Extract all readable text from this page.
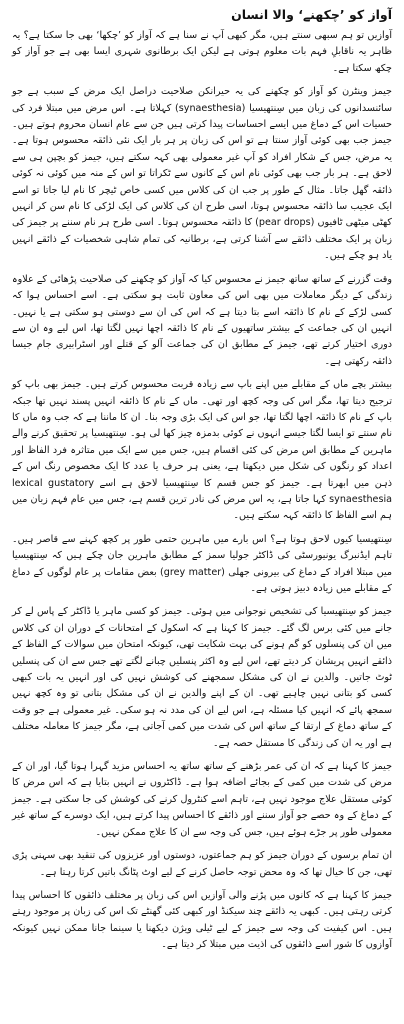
آواز کو ’چکھنے‘ والا انسان

آوازیں تو ہم سبھی سنتے ہیں، مگر کبھی آپ نے سنا ہے کہ آواز کو ’چکھا‘ بھی جا سکتا ہے؟ یہ ظاہر یہ ناقابلِ فہم بات معلوم ہوتی ہے لیکن ایک برطانوی شہری ایسا بھی ہے جو آواز کو چکھ سکتا ہے۔

جیمز وینٹرن کو آواز کو چکھنے کی یہ حیرانکن صلاحیت دراصل ایک مرض کے سبب ہے جو سائنسدانوں کی زبان میں سِنتھیسیا (synaesthesia) کہلاتا ہے۔ اس مرض میں مبتلا فرد کی حسیات اس کے دماغ میں ایسے احساسات پیدا کرتی ہیں جن سے عام انسان محروم ہوتے ہیں۔ جیمز جب بھی کوئی آواز سنتا ہے تو اس کی زبان پر ہر بار ایک نئی ذائقہ محسوس ہوتا ہے۔ یہ مرض، جس کے شکار افراد کو آپ غیر معمولی بھی کہہ سکتے ہیں، جیمز کو بچپن ہی سے لاحق ہے۔ ہر بار جب بھی کوئی نام اس کے کانوں سے ٹکراتا تو اس کے منہ میں کوئی نہ کوئی ذائقہ گھل جاتا۔ مثال کے طور پر جب ان کی کلاس میں کسی خاص ٹیچر کا نام لیا جاتا تو اسے ایک عجیب سا ذائقہ محسوس ہوتا، اسی طرح ان کی کلاس کی ایک لڑکی کا نام سن کر انہیں کھٹی میٹھی ٹافیوں (pear drops) کا ذائقہ محسوس ہوتا۔ اسی طرح ہر نام سننے پر جیمز کی زبان پر ایک مختلف ذائقے سے آشنا کرتی ہے، برطانیہ کی تمام شاہی شخصیات کے ذائقے انہیں یاد ہو چکے ہیں۔

وقت گزرنے کے ساتھ ساتھ جیمز نے محسوس کیا کہ آواز کو چکھنے کی صلاحیت پڑھائی کے علاوہ زندگی کے دیگر معاملات میں بھی اس کی معاون ثابت ہو سکتی ہے۔ اسے احساس ہوا کہ کسی لڑکے کے نام کا ذائقہ اسے بتا دیتا ہے کہ اس کی ان سے دوستی ہو سکتی ہے یا نہیں۔ انہیں ان کی جماعت کے بیشتر ساتھیوں کے نام کا ذائقہ اچھا نہیں لگتا تھا، اس لیے وہ ان سے دوری اختیار کرتے تھے، جیمز کے مطابق ان کی جماعت آلو کے قتلے اور اسٹرابیری جام جیسا ذائقہ رکھتی ہے۔

بیشتر بچے ماں کے مقابلے میں اپنے باپ سے زیادہ قربت محسوس کرتے ہیں۔ جیمز بھی باپ کو ترجیح دیتا تھا، مگر اس کی وجہ کچھ اور تھی۔ ماں کے نام کا ذائقہ انہیں پسند نہیں تھا جبکہ باپ کے نام کا ذائقہ اچھا لگتا تھا، جو اس کی ایک بڑی وجہ بنا۔ ان کا ماننا ہے کہ جب وہ ماں کا نام سنتے تو ایسا لگتا جیسے انہوں نے کوئی بدمزہ چیز کھا لی ہو۔ سِنتھیسیا پر تحقیق کرنے والے ماہرین کے مطابق اس مرض کی کئی اقسام ہیں، جس میں سے ایک میں متاثرہ فرد الفاظ اور اعداد کو رنگوں کی شکل میں دیکھتا ہے، یعنی ہر حرف یا عدد کا ایک مخصوص رنگ اس کے ذہن میں ابھرتا ہے۔ جیمز کو جس قسم کا سِنتھیسیا لاحق ہے اسے lexical gustatory synaesthesia کہا جاتا ہے، یہ اس مرض کی نادر ترین قسم ہے، جس میں عام فہم زبان میں ہم اسے الفاظ کا ذائقہ کہہ سکتے ہیں۔

سِنتھیسیا کیوں لاحق ہوتا ہے؟ اس بارے میں ماہرین حتمی طور پر کچھ کہنے سے قاصر ہیں۔ تاہم ایڈنبرگ یونیورسٹی کی ڈاکٹر جولیا سمز کے مطابق ماہرین جان چکے ہیں کہ سِنتھیسیا میں مبتلا افراد کے دماغ کی بیرونی جھلی (grey matter) بعض مقامات پر عام لوگوں کے دماغ کے مقابلے میں زیادہ دبیز ہوتی ہے۔

جیمز کو سِنتھیسیا کی تشخیص نوجوانی میں ہوئی۔ جیمز کو کسی ماہر یا ڈاکٹر کے پاس لے کر جانے میں کئی برس لگ گئے۔ جیمز کا کہنا ہے کہ اسکول کے امتحانات کے دوران ان کی کلاس میں ان کی پنسلوں کو گم ہونے کی بہت شکایت تھی، کیونکہ امتحان میں سوالات کے الفاظ کے ذائقے انہیں پریشان کر دیتے تھے، اس لیے وہ اکثر پنسلیں چبانے لگتے تھے جس سے ان کی پنسلیں ٹوٹ جاتیں۔ والدین نے ان کی مشکل سمجھنے کی کوشش نہیں کی اور انہیں یہ بات کبھی کسی کو بتانی نہیں چاہیے تھی۔ ان کے اپنے والدین نے ان کی مشکل بتانی تو وہ کچھ نہیں سمجھ پائے کہ انہیں کیا مسئلہ ہے، اس لیے ان کی مدد نہ ہو سکی۔ غیر معمولی ہے جو وقت کے ساتھ دماغ کے ارتقا کے ساتھ اس کی شدت میں کمی آجاتی ہے، مگر جیمز کا معاملہ مختلف ہے اور یہ ان کی زندگی کا مستقل حصہ ہے۔

جیمز کا کہنا ہے کہ ان کی عمر بڑھنے کے ساتھ ساتھ یہ احساس مزید گہرا ہوتا گیا، اور ان کے مرض کی شدت میں کمی کے بجائے اضافہ ہوا ہے۔ ڈاکٹروں نے انہیں بتایا ہے کہ اس مرض کا کوئی مستقل علاج موجود نہیں ہے، تاہم اسے کنٹرول کرنے کی کوشش کی جا سکتی ہے۔ جیمز کے دماغ کے وہ حصے جو آواز سننے اور ذائقے کا احساس پیدا کرتے ہیں، ایک دوسرے کے ساتھ غیر معمولی طور پر جڑے ہوئے ہیں، جس کی وجہ سے ان کا علاج ممکن نہیں۔

ان تمام برسوں کے دوران جیمز کو ہم جماعتوں، دوستوں اور عزیزوں کی تنقید بھی سہنی پڑی تھی، جن کا خیال تھا کہ وہ محض توجہ حاصل کرنے کے لیے اوٹ پٹانگ باتیں کرتا رہتا ہے۔

جیمز کا کہنا ہے کہ کانوں میں پڑنے والی آوازیں اس کی زبان پر مختلف ذائقوں کا احساس پیدا کرتی رہتی ہیں۔ کبھی یہ ذائقے چند سیکنڈ اور کبھی کئی گھنٹے تک اس کی زبان پر موجود رہتے ہیں۔ اس کیفیت کی وجہ سے جیمز کے لیے ٹیلی ویژن دیکھنا یا سینما جانا ممکن نہیں کیونکہ آوازوں کا شور اسے ذائقوں کی اذیت میں مبتلا کر دیتا ہے۔
